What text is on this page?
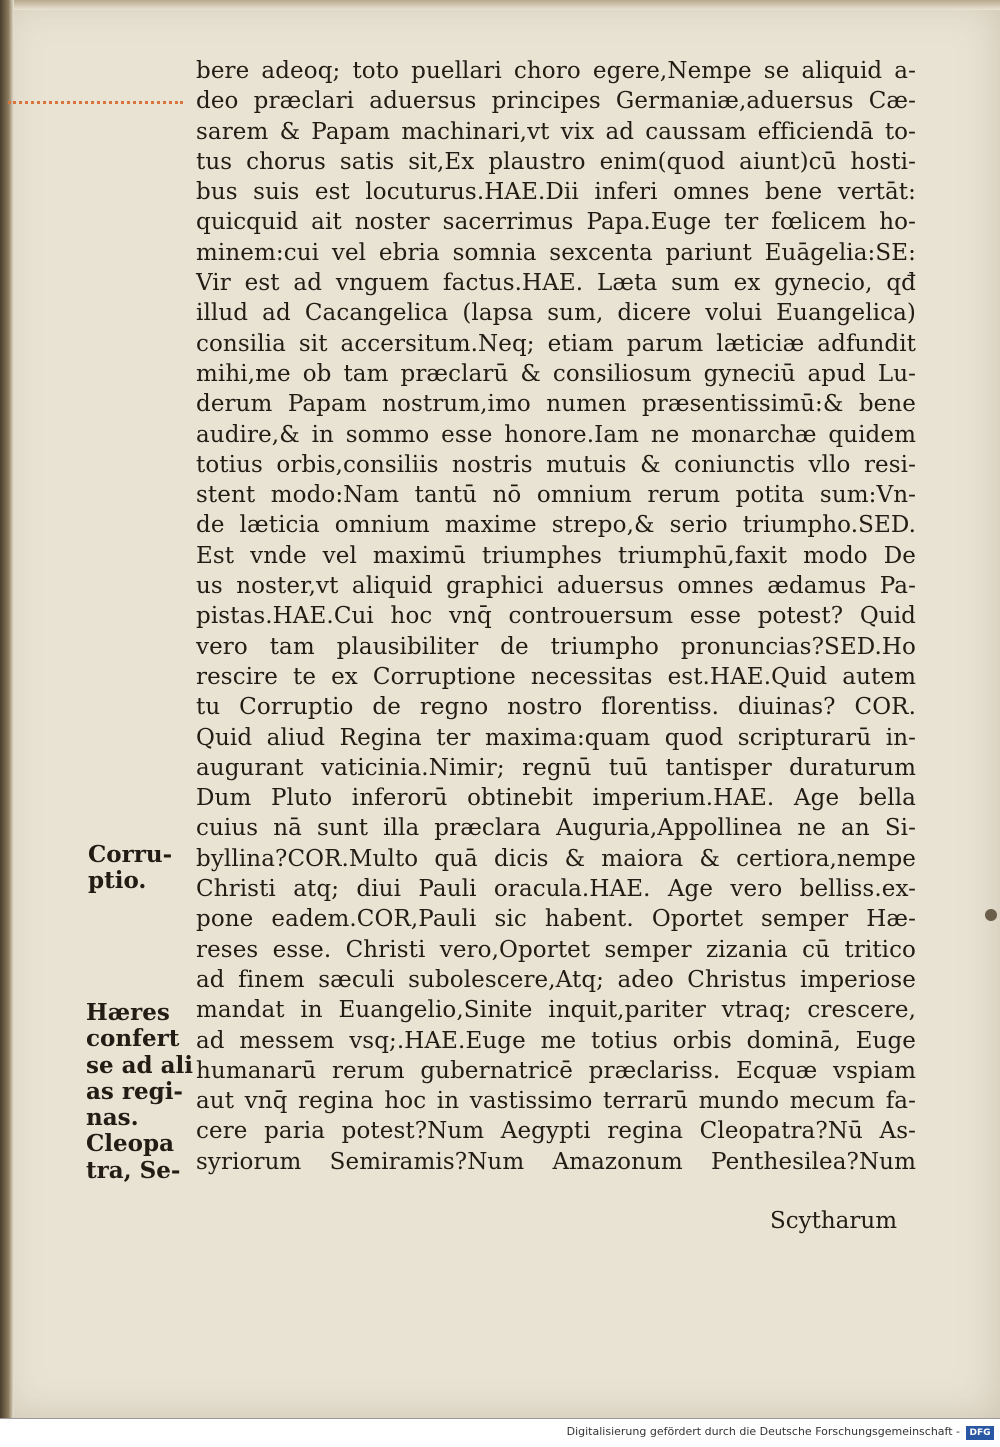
bere adeoq; toto puellari choro egere,Nempe se aliquid a-
deo præclari aduersus principes Germaniæ,aduersus Cæ-
sarem & Papam machinari,vt vix ad caussam efficiendā to-
tus chorus satis sit,Ex plaustro enim(quod aiunt)cū hosti-
bus suis est locuturus.HAE.Dii inferi omnes bene vertāt:
quicquid ait noster sacerrimus Papa.Euge ter fœlicem ho-
minem:cui vel ebria somnia sexcenta pariunt Euāgelia:SE:
Vir est ad vnguem factus.HAE. Læta sum ex gynecio, qđ
illud ad Cacangelica (lapsa sum, dicere volui Euangelica)
consilia sit accersitum.Neq; etiam parum læticiæ adfundit
mihi,me ob tam præclarū & consiliosum gyneciū apud Lu-
derum Papam nostrum,imo numen præsentissimū:& bene
audire,& in sommo esse honore.Iam ne monarchæ quidem
totius orbis,consiliis nostris mutuis & coniunctis vllo resi-
stent modo:Nam tantū nō omnium rerum potita sum:Vn-
de læticia omnium maxime strepo,& serio triumpho.SED.
Est vnde vel maximū triumphes triumphū,faxit modo De
us noster,vt aliquid graphici aduersus omnes ædamus Pa-
pistas.HAE.Cui hoc vnq̄ controuersum esse potest? Quid
vero tam plausibiliter de triumpho pronuncias?SED.Ho
rescire te ex Corruptione necessitas est.HAE.Quid autem
tu Corruptio de regno nostro florentiss. diuinas? COR.
Quid aliud Regina ter maxima:quam quod scripturarū in-
augurant vaticinia.Nimir; regnū tuū tantisper duraturum
Dum Pluto inferorū obtinebit imperium.HAE. Age bella
cuius nā sunt illa præclara Auguria,Appollinea ne an Si-
byllina?COR.Multo quā dicis & maiora & certiora,nempe
Christi atq; diui Pauli oracula.HAE. Age vero belliss.ex-
pone eadem.COR,Pauli sic habent. Oportet semper Hæ-
reses esse. Christi vero,Oportet semper zizania cū tritico
ad finem sæculi subolescere,Atq; adeo Christus imperiose
mandat in Euangelio,Sinite inquit,pariter vtraq; crescere,
ad messem vsq;.HAE.Euge me totius orbis dominā, Euge
humanarū rerum gubernatricē præclariss. Ecquæ vspiam
aut vnq̄ regina hoc in vastissimo terrarū mundo mecum fa-
cere paria potest?Num Aegypti regina Cleopatra?Nū As-
syriorum Semiramis?Num Amazonum Penthesilea?Num
Scytharum
Corru-
ptio.
Hæres
confert
se ad ali
as regi-
nas.
Cleopa
tra, Se-
Digitalisierung gefördert durch die Deutsche Forschungsgemeinschaft -	DFG
